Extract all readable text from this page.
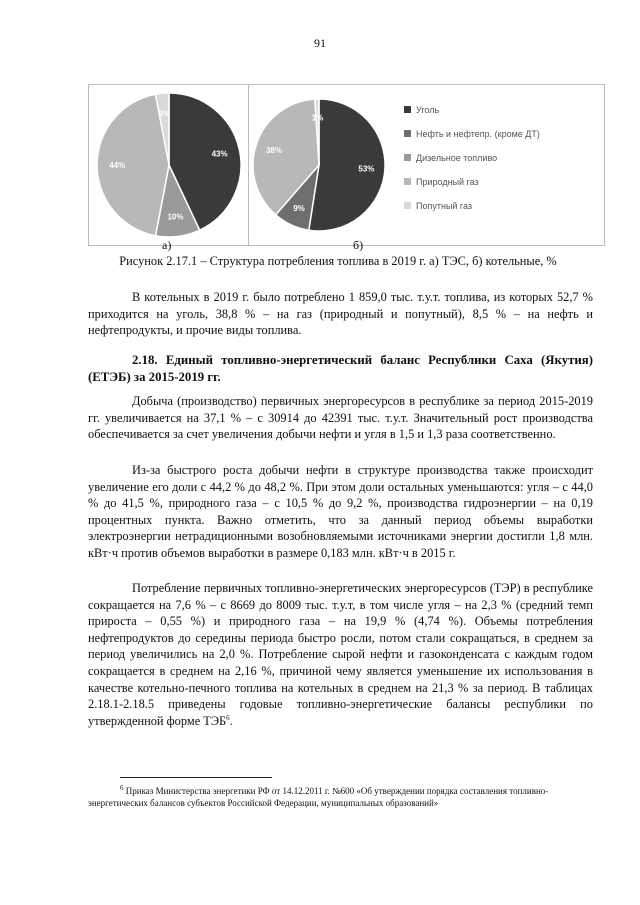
91
43%
10%
44%
3%
53%
9%
38%
1%
Уголь
Нефть и нефтепр. (кроме ДТ)
Дизельное топливо
Природный газ
Попутный газ
а)	б)
Рисунок 2.17.1 – Структура потребления топлива в 2019 г. а) ТЭС, б) котельные, %

В котельных в 2019 г. было потреблено 1 859,0 тыс. т.у.т. топлива, из которых 52,7 % приходится на уголь, 38,8 % – на газ (природный и попутный), 8,5 % – на нефть и нефтепродукты, и прочие виды топлива.

2.18. Единый топливно-энергетический баланс Республики Саха (Якутия) (ЕТЭБ) за 2015-2019 гг.

Добыча (производство) первичных энергоресурсов в республике за период 2015-2019 гг. увеличивается на 37,1 % – с 30914 до 42391 тыс. т.у.т. Значительный рост производства обеспечивается за счет увеличения добычи нефти и угля в 1,5 и 1,3 раза соответственно.

Из-за быстрого роста добычи нефти в структуре производства также происходит увеличение его доли с 44,2 % до 48,2 %. При этом доли остальных уменьшаются: угля – с 44,0 % до 41,5 %, природного газа – с 10,5 % до 9,2 %, производства гидроэнергии – на 0,19 процентных пункта. Важно отметить, что за данный период объемы выработки электроэнергии нетрадиционными возобновляемыми источниками энергии достигли 1,8 млн. кВт·ч против объемов выработки в размере 0,183 млн. кВт·ч в 2015 г.

Потребление первичных топливно-энергетических энергоресурсов (ТЭР) в республике сокращается на 7,6 % – с 8669 до 8009 тыс. т.у.т, в том числе угля – на 2,3 % (средний темп прироста – 0,55 %) и природного газа – на 19,9 % (4,74 %). Объемы потребления нефтепродуктов до середины периода быстро росли, потом стали сокращаться, в среднем за период увеличились на 2,0 %. Потребление сырой нефти и газоконденсата с каждым годом сокращается в среднем на 2,16 %, причиной чему является уменьшение их использования в качестве котельно-печного топлива на котельных в среднем на 21,3 % за период. В таблицах 2.18.1-2.18.5 приведены годовые топливно-энергетические балансы республики по утвержденной форме ТЭБ$^6$.

$^6$ Приказ Министерства энергетики РФ от 14.12.2011 г. №600 «Об утверждении порядка составления топливно-энергетических балансов субъектов Российской Федерации, муниципальных образований»
